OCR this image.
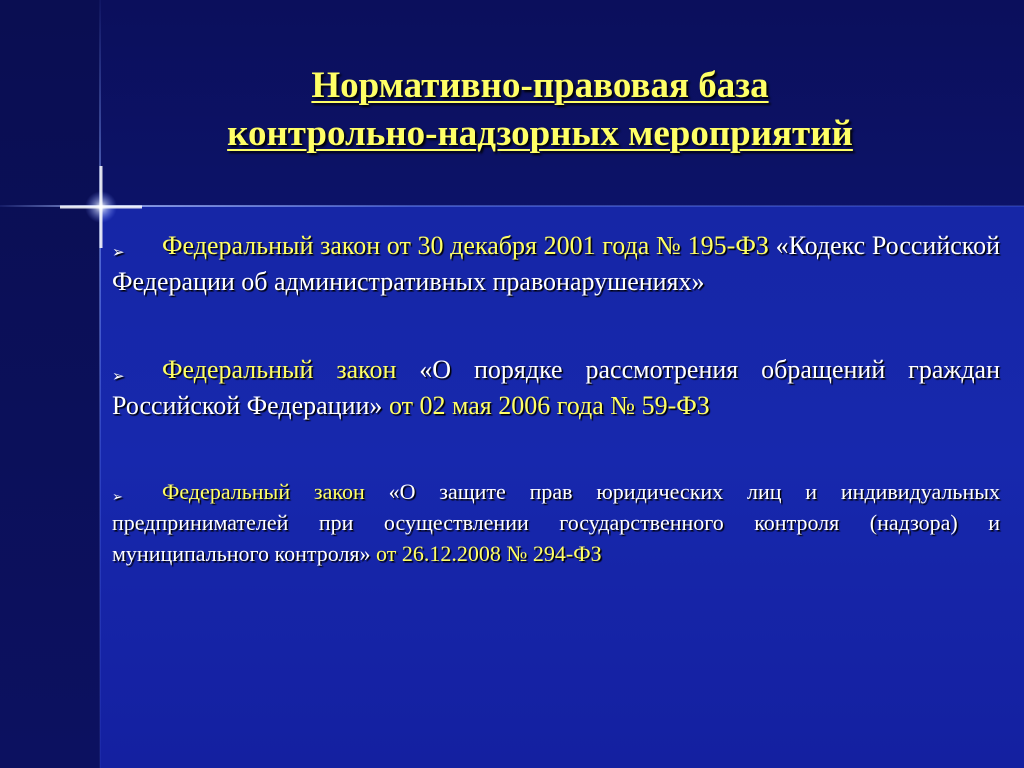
Нормативно-правовая база
контрольно-надзорных мероприятий
➢ Федеральный закон от 30 декабря 2001 года № 195-ФЗ «Кодекс Российской Федерации об административных правонарушениях»
➢ Федеральный закон «О порядке рассмотрения обращений граждан Российской Федерации» от 02 мая 2006 года № 59-ФЗ
➢ Федеральный закон «О защите прав юридических лиц и индивидуальных предпринимателей при осуществлении государственного контроля (надзора) и муниципального контроля» от 26.12.2008 № 294-ФЗ
